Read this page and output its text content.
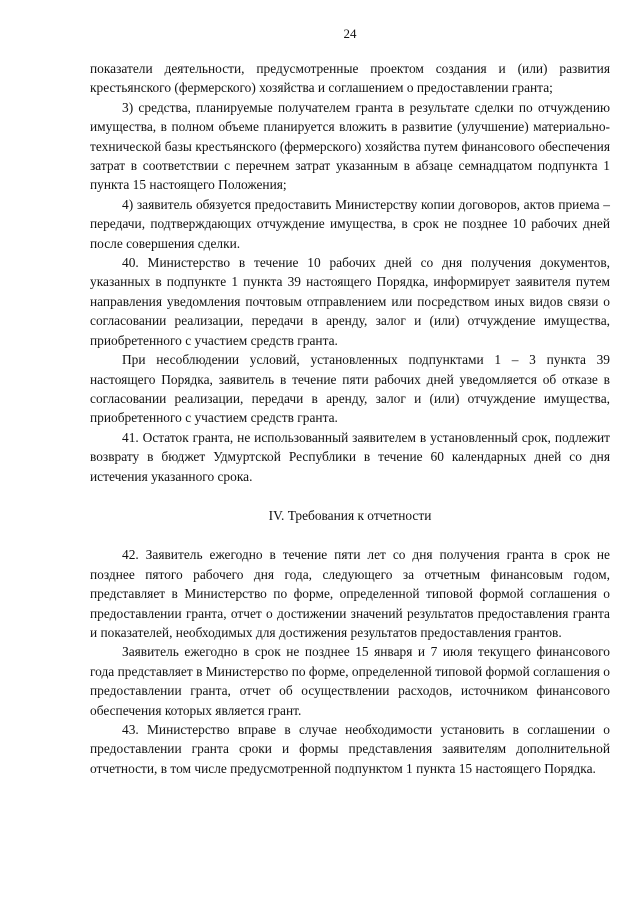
24

показатели деятельности, предусмотренные проектом создания и (или) развития крестьянского (фермерского) хозяйства и соглашением о предоставлении гранта;

3) средства, планируемые получателем гранта в результате сделки по отчуждению имущества, в полном объеме планируется вложить в развитие (улучшение) материально-технической базы крестьянского (фермерского) хозяйства путем финансового обеспечения затрат в соответствии с перечнем затрат указанным в абзаце семнадцатом подпункта 1 пункта 15 настоящего Положения;

4) заявитель обязуется предоставить Министерству копии договоров, актов приема – передачи, подтверждающих отчуждение имущества, в срок не позднее 10 рабочих дней после совершения сделки.

40. Министерство в течение 10 рабочих дней со дня получения документов, указанных в подпункте 1 пункта 39 настоящего Порядка, информирует заявителя путем направления уведомления почтовым отправлением или посредством иных видов связи о согласовании реализации, передачи в аренду, залог и (или) отчуждение имущества, приобретенного с участием средств гранта.

При несоблюдении условий, установленных подпунктами 1 – 3 пункта 39 настоящего Порядка, заявитель в течение пяти рабочих дней уведомляется об отказе в согласовании реализации, передачи в аренду, залог и (или) отчуждение имущества, приобретенного с участием средств гранта.

41. Остаток гранта, не использованный заявителем в установленный срок, подлежит возврату в бюджет Удмуртской Республики в течение 60 календарных дней со дня истечения указанного срока.

IV. Требования к отчетности

42. Заявитель ежегодно в течение пяти лет со дня получения гранта в срок не позднее пятого рабочего дня года, следующего за отчетным финансовым годом, представляет в Министерство по форме, определенной типовой формой соглашения о предоставлении гранта, отчет о достижении значений результатов предоставления гранта и показателей, необходимых для достижения результатов предоставления грантов.

Заявитель ежегодно в срок не позднее 15 января и 7 июля текущего финансового года представляет в Министерство по форме, определенной типовой формой соглашения о предоставлении гранта, отчет об осуществлении расходов, источником финансового обеспечения которых является грант.

43. Министерство вправе в случае необходимости установить в соглашении о предоставлении гранта сроки и формы представления заявителям дополнительной отчетности, в том числе предусмотренной подпунктом 1 пункта 15 настоящего Порядка.
